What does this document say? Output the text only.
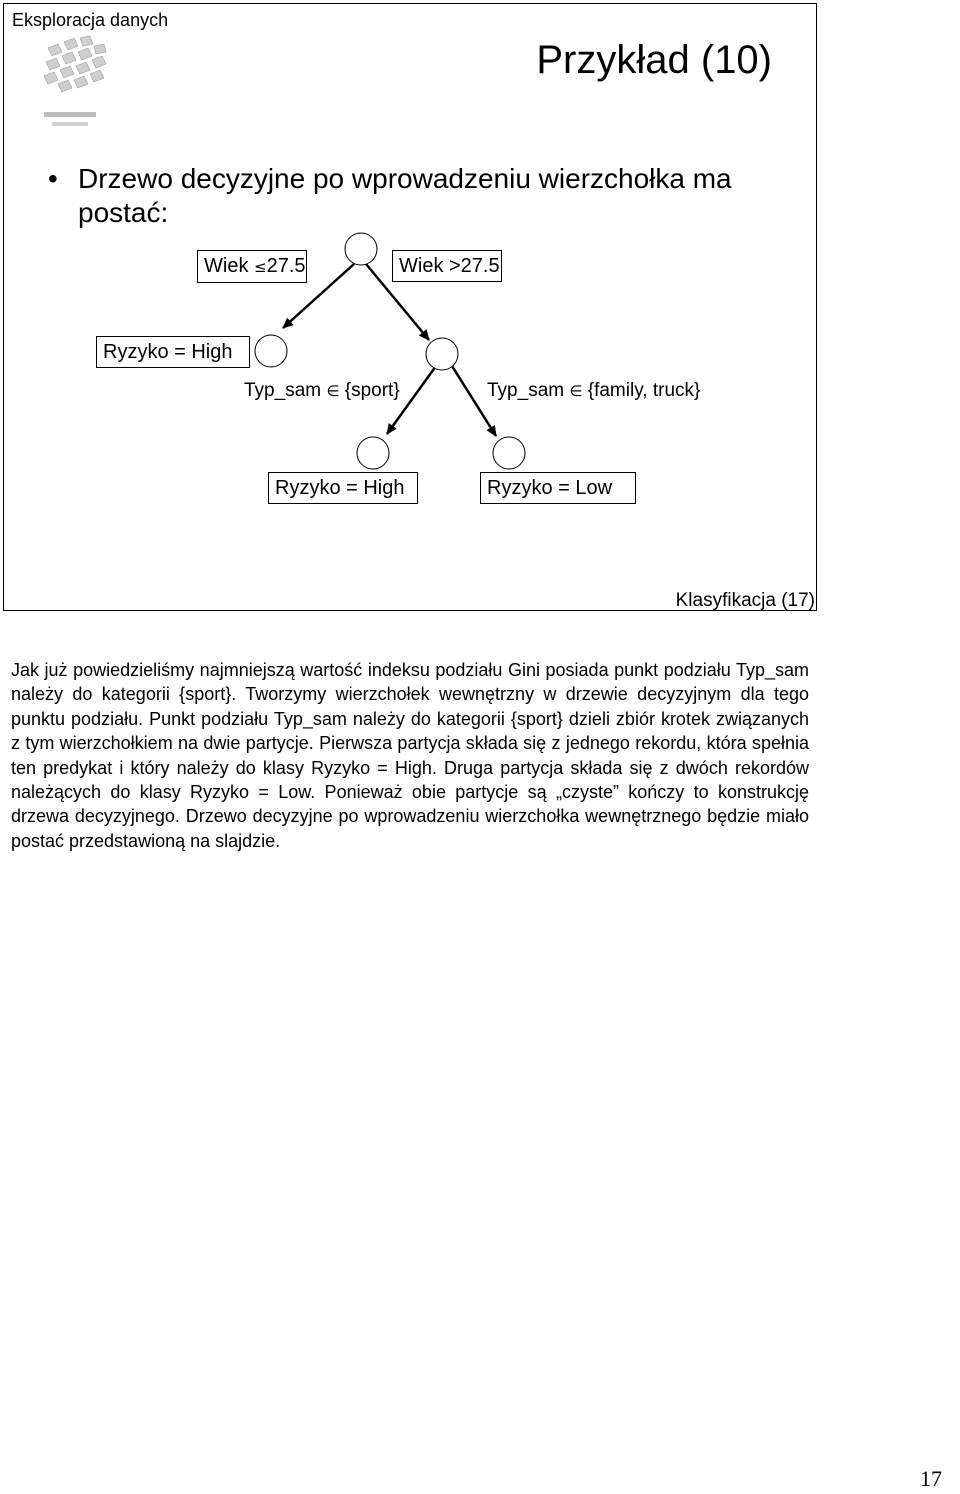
Eksploracja danych
Przykład (10)
• Drzewo decyzyjne po wprowadzeniu wierzchołka ma postać:
Wiek ≤27.5	Wiek >27.5
Ryzyko = High
Typ_sam ∈ {sport}	Typ_sam ∈ {family, truck}
Ryzyko = High	Ryzyko = Low
Klasyfikacja (17)
Jak już powiedzieliśmy najmniejszą wartość indeksu podziału Gini posiada punkt podziału Typ_sam należy do kategorii {sport}. Tworzymy wierzchołek wewnętrzny w drzewie decyzyjnym dla tego punktu podziału. Punkt podziału Typ_sam należy do kategorii {sport} dzieli zbiór krotek związanych z tym wierzchołkiem na dwie partycje. Pierwsza partycja składa się z jednego rekordu, która spełnia ten predykat i który należy do klasy Ryzyko = High. Druga partycja składa się z dwóch rekordów należących do klasy Ryzyko = Low. Ponieważ obie partycje są „czyste” kończy to konstrukcję drzewa decyzyjnego. Drzewo decyzyjne po wprowadzeniu wierzchołka wewnętrznego będzie miało postać przedstawioną na slajdzie.
17
